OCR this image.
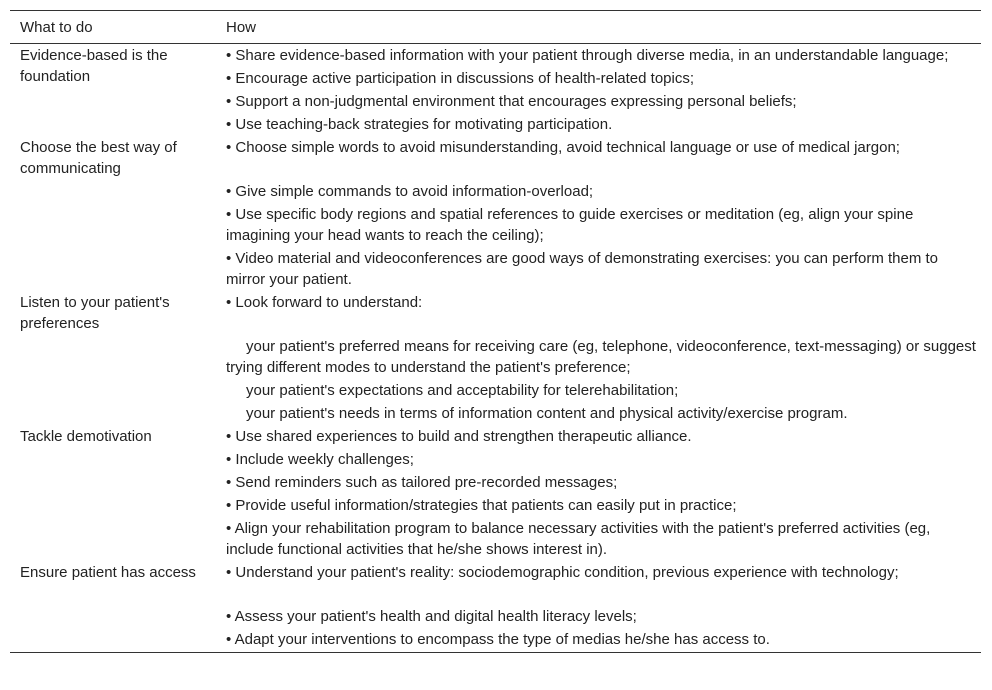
What to do	How
Evidence-based is the foundation	• Share evidence-based information with your patient through diverse media, in an understandable language;
• Encourage active participation in discussions of health-related topics;
• Support a non-judgmental environment that encourages expressing personal beliefs;
• Use teaching-back strategies for motivating participation.

Choose the best way of communicating	• Choose simple words to avoid misunderstanding, avoid technical language or use of medical jargon;
• Give simple commands to avoid information-overload;
• Use specific body regions and spatial references to guide exercises or meditation (eg, align your spine imagining your head wants to reach the ceiling);
• Video material and videoconferences are good ways of demonstrating exercises: you can perform them to mirror your patient.

Listen to your patient's preferences	• Look forward to understand:
your patient's preferred means for receiving care (eg, telephone, videoconference, text-messaging) or suggest trying different modes to understand the patient's preference;
your patient's expectations and acceptability for telerehabilitation;
your patient's needs in terms of information content and physical activity/exercise program.

Tackle demotivation	• Use shared experiences to build and strengthen therapeutic alliance.
• Include weekly challenges;
• Send reminders such as tailored pre-recorded messages;
• Provide useful information/strategies that patients can easily put in practice;
• Align your rehabilitation program to balance necessary activities with the patient's preferred activities (eg, include functional activities that he/she shows interest in).

Ensure patient has access	• Understand your patient's reality: sociodemographic condition, previous experience with technology;
• Assess your patient's health and digital health literacy levels;
• Adapt your interventions to encompass the type of medias he/she has access to.
